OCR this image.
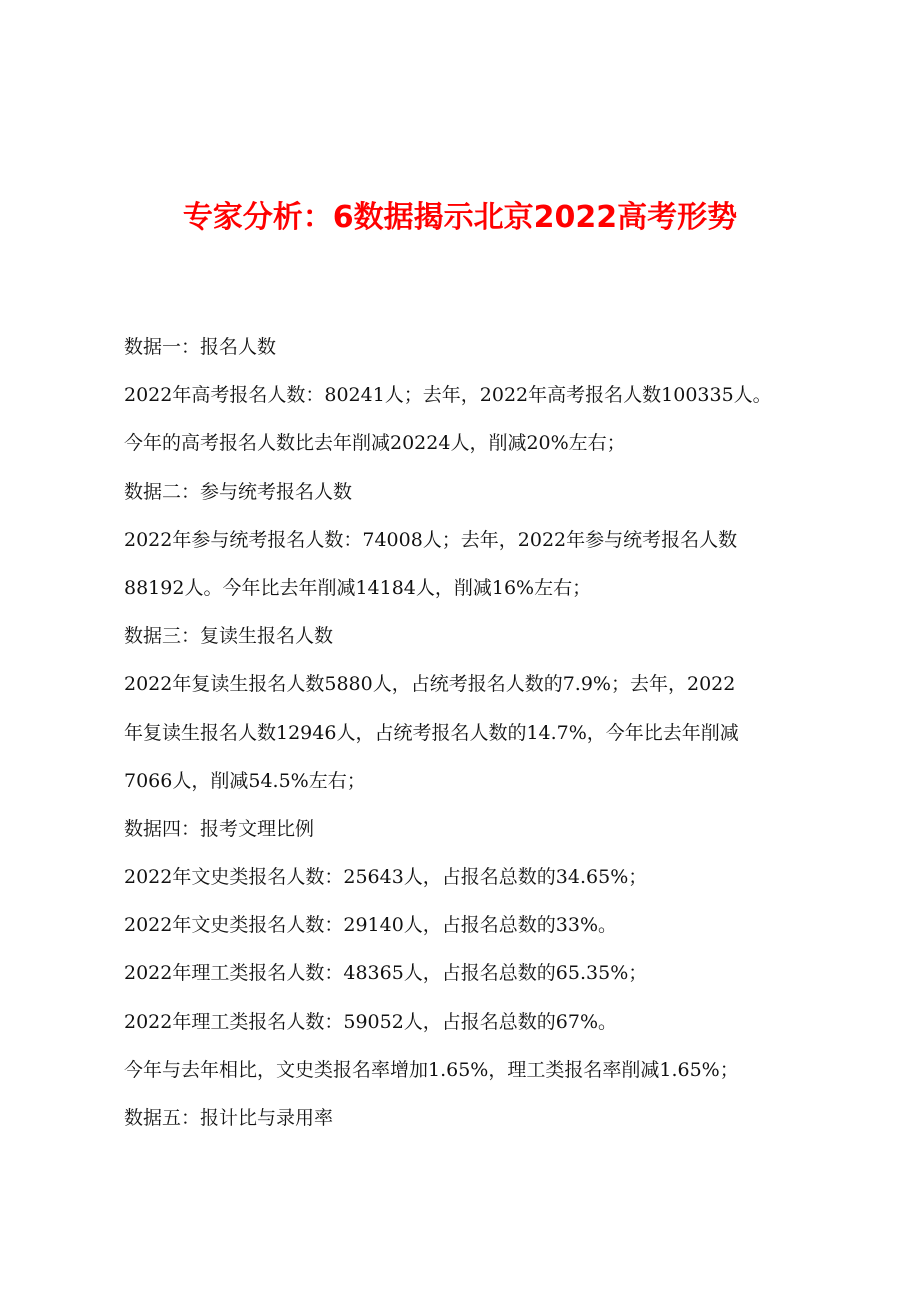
专家分析：6数据揭示北京2022高考形势

数据一：报名人数

2022年高考报名人数：80241人；去年，2022年高考报名人数100335人。

今年的高考报名人数比去年削减20224人，削减20%左右；

数据二：参与统考报名人数

2022年参与统考报名人数：74008人；去年，2022年参与统考报名人数

88192人。今年比去年削减14184人，削减16%左右；

数据三：复读生报名人数

2022年复读生报名人数5880人，占统考报名人数的7.9%；去年，2022

年复读生报名人数12946人，占统考报名人数的14.7%，今年比去年削减

7066人，削减54.5%左右；

数据四：报考文理比例

2022年文史类报名人数：25643人，占报名总数的34.65%；

2022年文史类报名人数：29140人，占报名总数的33%。

2022年理工类报名人数：48365人，占报名总数的65.35%；

2022年理工类报名人数：59052人，占报名总数的67%。

今年与去年相比，文史类报名率增加1.65%，理工类报名率削减1.65%；

数据五：报计比与录用率
